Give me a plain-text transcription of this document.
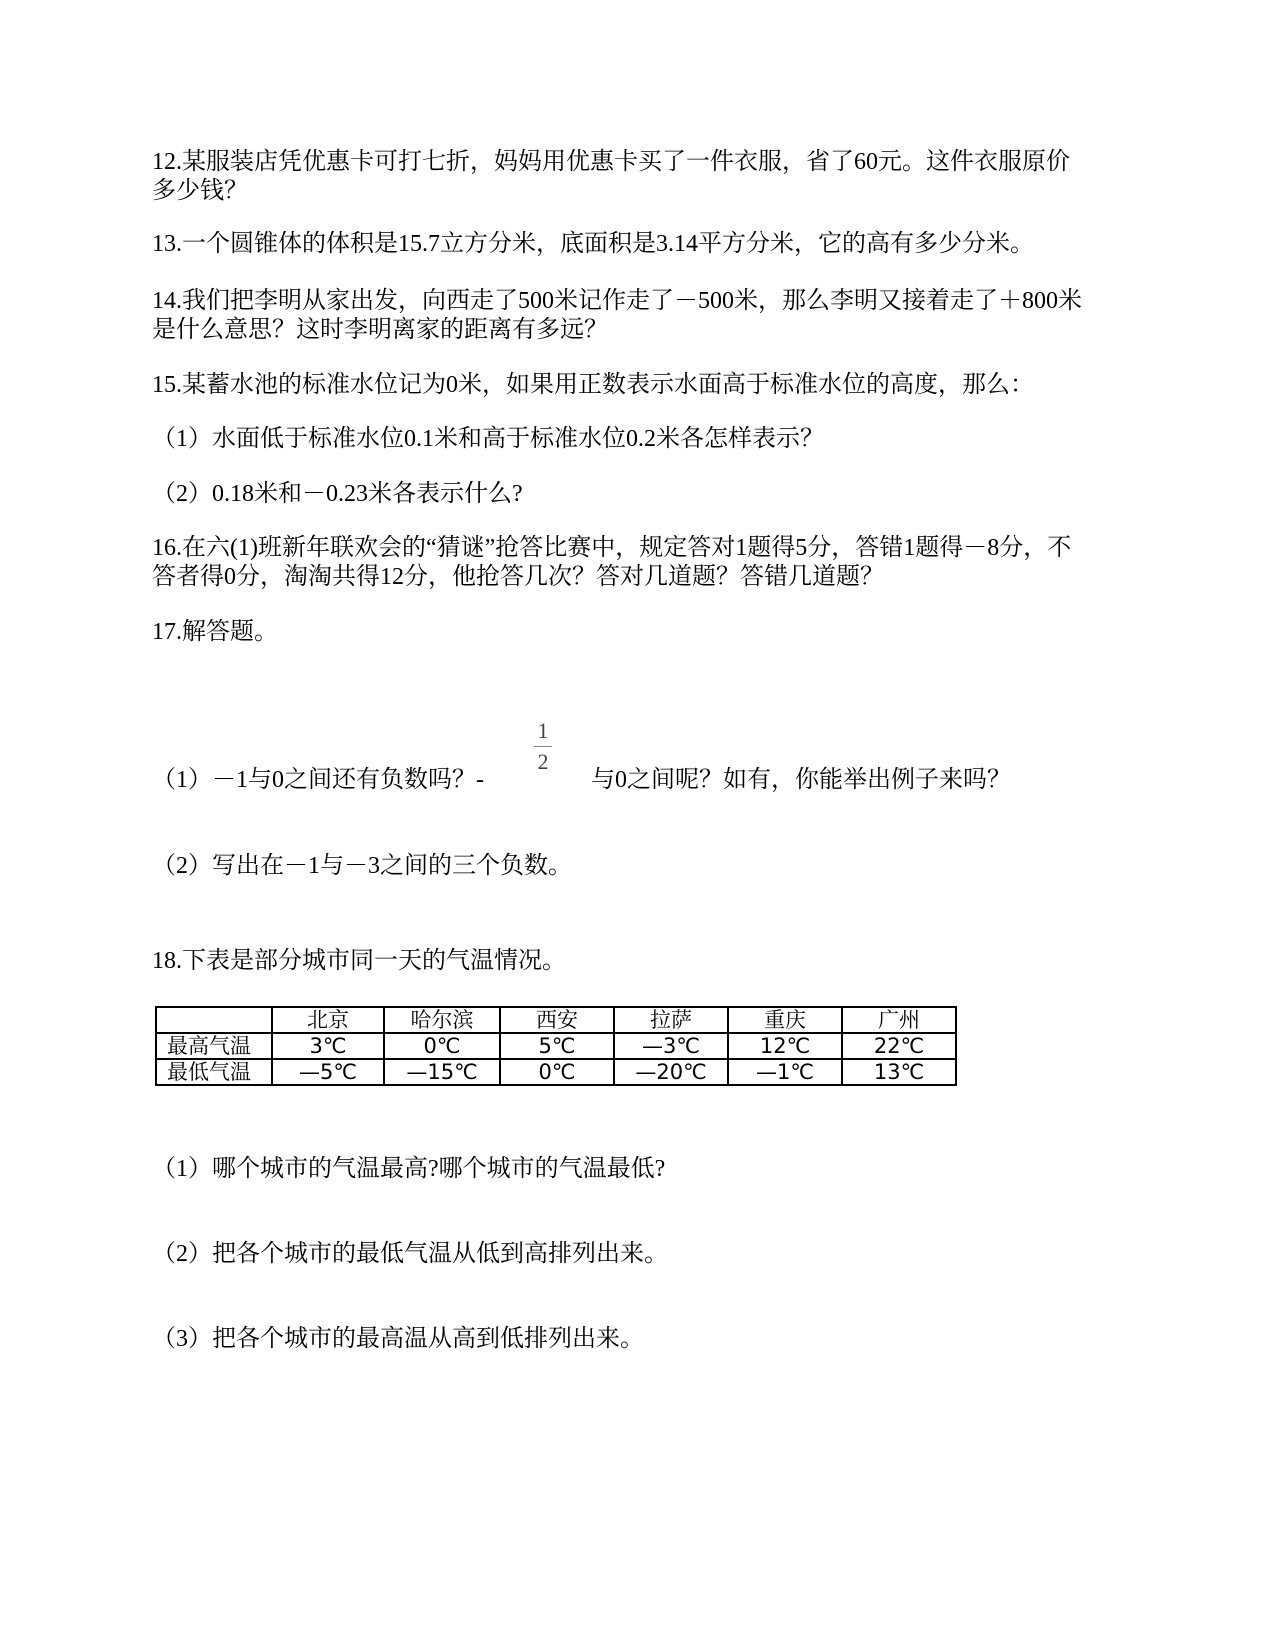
12.某服装店凭优惠卡可打七折，妈妈用优惠卡买了一件衣服，省了60元。这件衣服原价
多少钱？
13.一个圆锥体的体积是15.7立方分米，底面积是3.14平方分米，它的高有多少分米。
14.我们把李明从家出发，向西走了500米记作走了－500米，那么李明又接着走了＋800米
是什么意思？这时李明离家的距离有多远？
15.某蓄水池的标准水位记为0米，如果用正数表示水面高于标准水位的高度，那么：
（1）水面低于标准水位0.1米和高于标准水位0.2米各怎样表示？
（2）0.18米和－0.23米各表示什么?
16.在六(1)班新年联欢会的“猜谜”抢答比赛中，规定答对1题得5分，答错1题得－8分，不
答者得0分，淘淘共得12分，他抢答几次？答对几道题？答错几道题？
17.解答题。
（1）－1与0之间还有负数吗？-
1
2
与0之间呢？如有，你能举出例子来吗？
（2）写出在－1与－3之间的三个负数。
18.下表是部分城市同一天的气温情况。
	北京	哈尔滨	西安	拉萨	重庆	广州
最高气温	3℃	0℃	5℃	—3℃	12℃	22℃
最低气温	—5℃	—15℃	0℃	—20℃	—1℃	13℃
（1）哪个城市的气温最高?哪个城市的气温最低?
（2）把各个城市的最低气温从低到高排列出来。
（3）把各个城市的最高温从高到低排列出来。
